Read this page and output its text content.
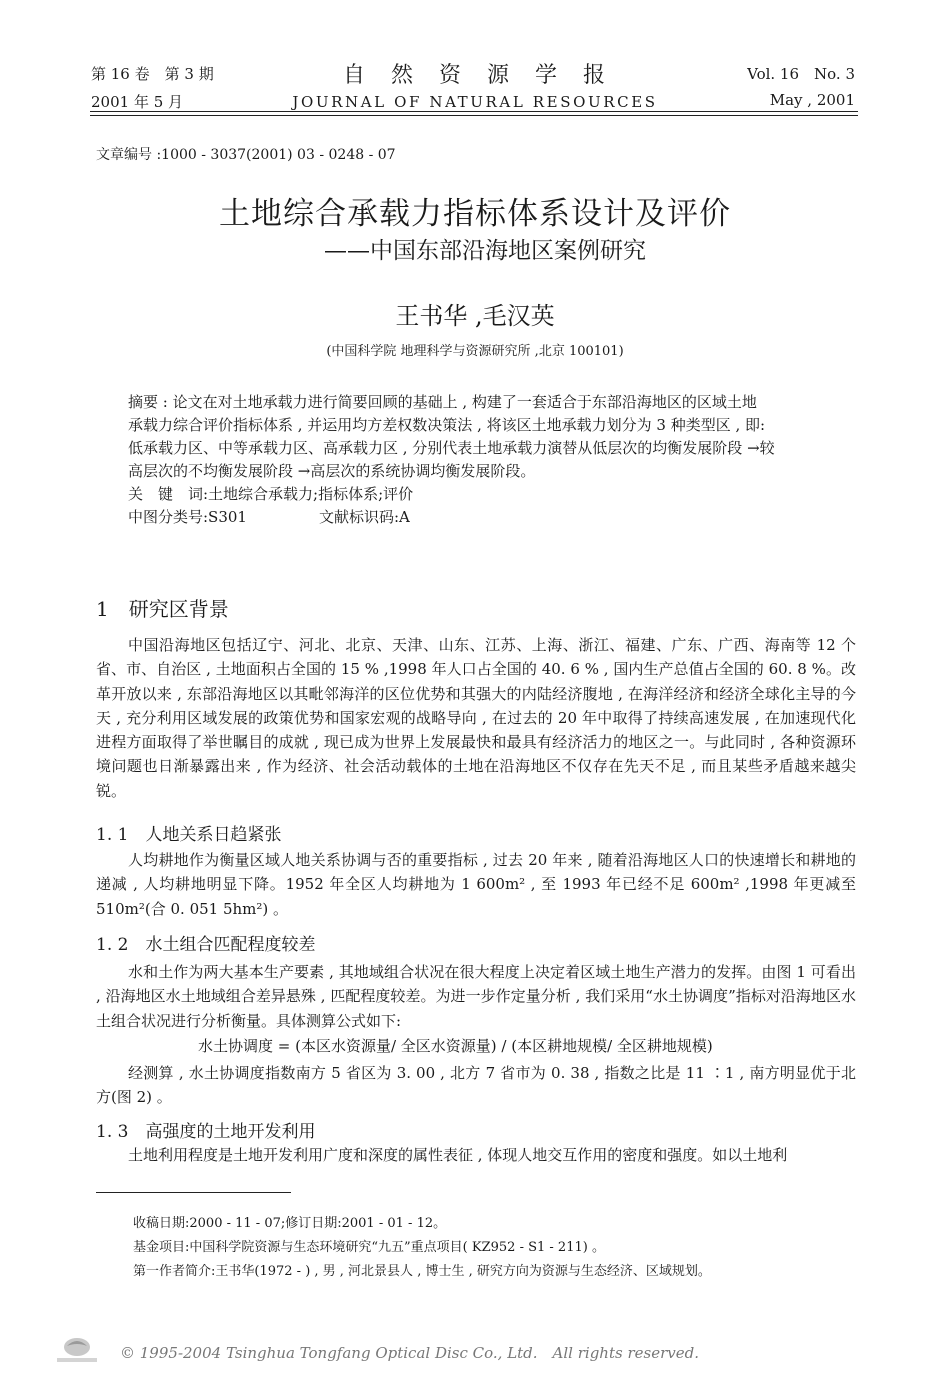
第 16 卷　第 3 期
2001 年 5 月
自　然　资　源　学　报
JOURNAL OF NATURAL RESOURCES
Vol. 16　No. 3
May , 2001
文章编号 :1000 - 3037(2001) 03 - 0248 - 07
土地综合承载力指标体系设计及评价
——中国东部沿海地区案例研究
王书华 ,毛汉英
(中国科学院 地理科学与资源研究所 ,北京 100101)

摘要 : 论文在对土地承载力进行简要回顾的基础上 , 构建了一套适合于东部沿海地区的区域土地

承载力综合评价指标体系 , 并运用均方差权数决策法 , 将该区土地承载力划分为 3 种类型区 , 即:

低承载力区、中等承载力区、高承载力区 , 分别代表土地承载力演替从低层次的均衡发展阶段 →较

高层次的不均衡发展阶段 →高层次的系统协调均衡发展阶段。

关　键　词:土地综合承载力;指标体系;评价

中图分类号:S301	文献标识码:A

1　研究区背景

中国沿海地区包括辽宁、河北、北京、天津、山东、江苏、上海、浙江、福建、广东、广西、海南等 12 个省、市、自治区 , 土地面积占全国的 15 % ,1998 年人口占全国的 40. 6 % , 国内生产总值占全国的 60. 8 %。改革开放以来 , 东部沿海地区以其毗邻海洋的区位优势和其强大的内陆经济腹地 , 在海洋经济和经济全球化主导的今天 , 充分利用区域发展的政策优势和国家宏观的战略导向 , 在过去的 20 年中取得了持续高速发展 , 在加速现代化进程方面取得了举世瞩目的成就 , 现已成为世界上发展最快和最具有经济活力的地区之一。与此同时 , 各种资源环境问题也日渐暴露出来 , 作为经济、社会活动载体的土地在沿海地区不仅存在先天不足 , 而且某些矛盾越来越尖锐。

1. 1　人地关系日趋紧张

人均耕地作为衡量区域人地关系协调与否的重要指标 , 过去 20 年来 , 随着沿海地区人口的快速增长和耕地的递减 , 人均耕地明显下降。1952 年全区人均耕地为 1 600m² , 至 1993 年已经不足 600m² ,1998 年更减至 510m²(合 0. 051 5hm²) 。

1. 2　水土组合匹配程度较差

水和土作为两大基本生产要素 , 其地域组合状况在很大程度上决定着区域土地生产潜力的发挥。由图 1 可看出 , 沿海地区水土地域组合差异悬殊 , 匹配程度较差。为进一步作定量分析 , 我们采用“水土协调度”指标对沿海地区水土组合状况进行分析衡量。具体测算公式如下:

水土协调度 = (本区水资源量/ 全区水资源量) / (本区耕地规模/ 全区耕地规模)

经测算 , 水土协调度指数南方 5 省区为 3. 00 , 北方 7 省市为 0. 38 , 指数之比是 11 ∶1 , 南方明显优于北方(图 2) 。

1. 3　高强度的土地开发利用

土地利用程度是土地开发利用广度和深度的属性表征 , 体现人地交互作用的密度和强度。如以土地利

收稿日期:2000 - 11 - 07;修订日期:2001 - 01 - 12。
基金项目:中国科学院资源与生态环境研究“九五”重点项目( KZ952 - S1 - 211) 。
第一作者简介:王书华(1972 - ) , 男 , 河北景县人 , 博士生 , 研究方向为资源与生态经济、区域规划。
© 1995-2004 Tsinghua Tongfang Optical Disc Co., Ltd.　All rights reserved.
